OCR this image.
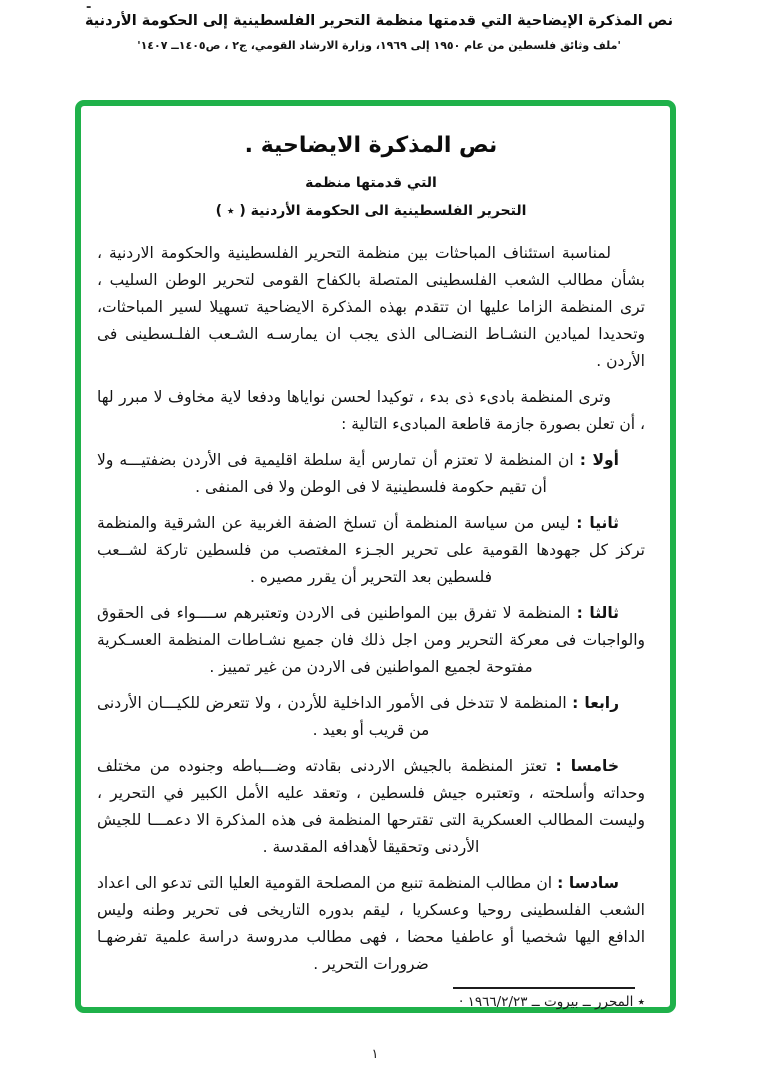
-
نص المذكرة الإيضاحية التي قدمتها منظمة التحرير الفلسطينية إلى الحكومة الأردنية
'ملف وثائق فلسطين من عام ١٩٥٠ إلى ١٩٦٩، وزارة الارشاد القومي، ج٢ ، ص١٤٠٥ــ ١٤٠٧'
نص المذكرة الايضاحية .
التي قدمتها منظمة
التحرير الفلسطينية الى الحكومة الأردنية ( ٭ )

لمناسبة استئناف المباحثات بين منظمة التحرير الفلسطينية والحكومة الاردنية ، بشأن مطالب الشعب الفلسطينى المتصلة بالكفاح القومى لتحرير الوطن السليب ، ترى المنظمة الزاما عليها ان تتقدم بهذه المذكرة الايضاحية تسهيلا لسير المباحثات، وتحديدا لميادين النشـاط النضـالى الذى يجب ان يمارسـه الشـعب الفلـسطينى فى الأردن .

وترى المنظمة بادىء ذى بدء ، توكيدا لحسن نواياها ودفعا لاية مخاوف لا مبرر لها ، أن تعلن بصورة جازمة قاطعة المبادىء التالية :

أولا : ان المنظمة لا تعتزم أن تمارس أية سلطة اقليمية فى الأردن بضفتيـــه ولا أن تقيم حكومة فلسطينية لا فى الوطن ولا فى المنفى .

ثانيا : ليس من سياسة المنظمة أن تسلخ الضفة الغربية عن الشرقية والمنظمة تركز كل جهودها القومية على تحرير الجـزء المغتصب من فلسطين تاركة لشــعب فلسطين بعد التحرير أن يقرر مصيره .

ثالثا : المنظمة لا تفرق بين المواطنين فى الاردن وتعتبرهم ســــواء فى الحقوق والواجبات فى معركة التحرير ومن اجل ذلك فان جميع نشـاطات المنظمة العسـكرية مفتوحة لجميع المواطنين فى الاردن من غير تمييز .

رابعا : المنظمة لا تتدخل فى الأمور الداخلية للأردن ، ولا تتعرض للكيـــان الأردنى من قريب أو بعيد .

خامسا : تعتز المنظمة بالجيش الاردنى بقادته وضـــباطه وجنوده من مختلف وحداته وأسلحته ، وتعتبره جيش فلسطين ، وتعقد عليه الأمل الكبير في التحرير ، وليست المطالب العسكرية التى تقترحها المنظمة فى هذه المذكرة الا دعمـــا للجيش الأردنى وتحقيقا لأهدافه المقدسة .

سادسا : ان مطالب المنظمة تنبع من المصلحة القومية العليا التى تدعو الى اعداد الشعب الفلسطينى روحيا وعسكريا ، ليقم بدوره التاريخى فى تحرير وطنه وليس الدافع اليها شخصيا أو عاطفيا محضا ، فهى مطالب مدروسة دراسة علمية تفرضهـا ضرورات التحرير .

٭ المحرر ــ بيروت ــ ١٩٦٦/٢/٢٣ ·

١
